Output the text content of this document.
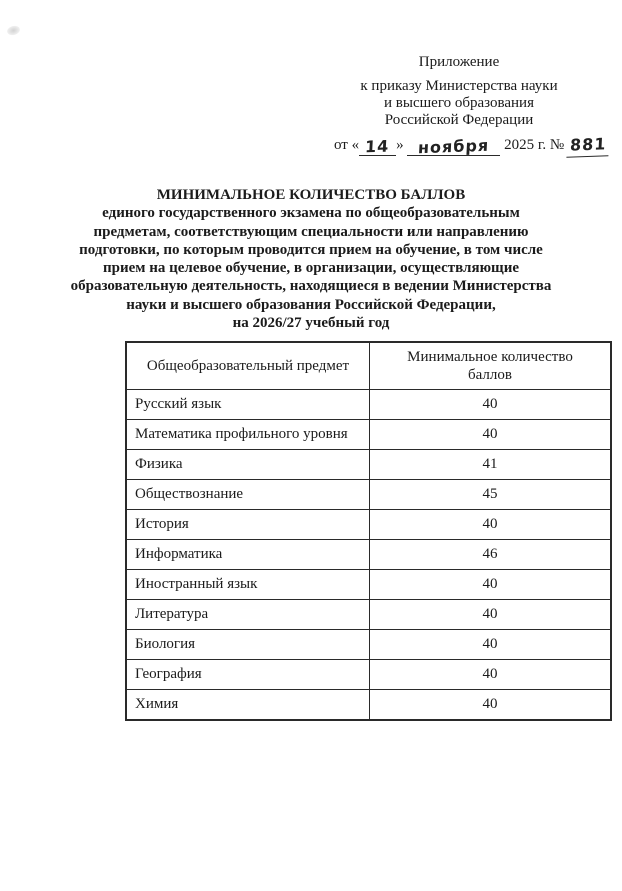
Приложение
к приказу Министерства науки
и высшего образования
Российской Федерации
от « 14 » ноября 2025 г. № 881
МИНИМАЛЬНОЕ КОЛИЧЕСТВО БАЛЛОВ
единого государственного экзамена по общеобразовательным
предметам, соответствующим специальности или направлению
подготовки, по которым проводится прием на обучение, в том числе
прием на целевое обучение, в организации, осуществляющие
образовательную деятельность, находящиеся в ведении Министерства
науки и высшего образования Российской Федерации,
на 2026/27 учебный год
Общеобразовательный предмет	Минимальное количество баллов
Русский язык	40
Математика профильного уровня	40
Физика	41
Обществознание	45
История	40
Информатика	46
Иностранный язык	40
Литература	40
Биология	40
География	40
Химия	40
